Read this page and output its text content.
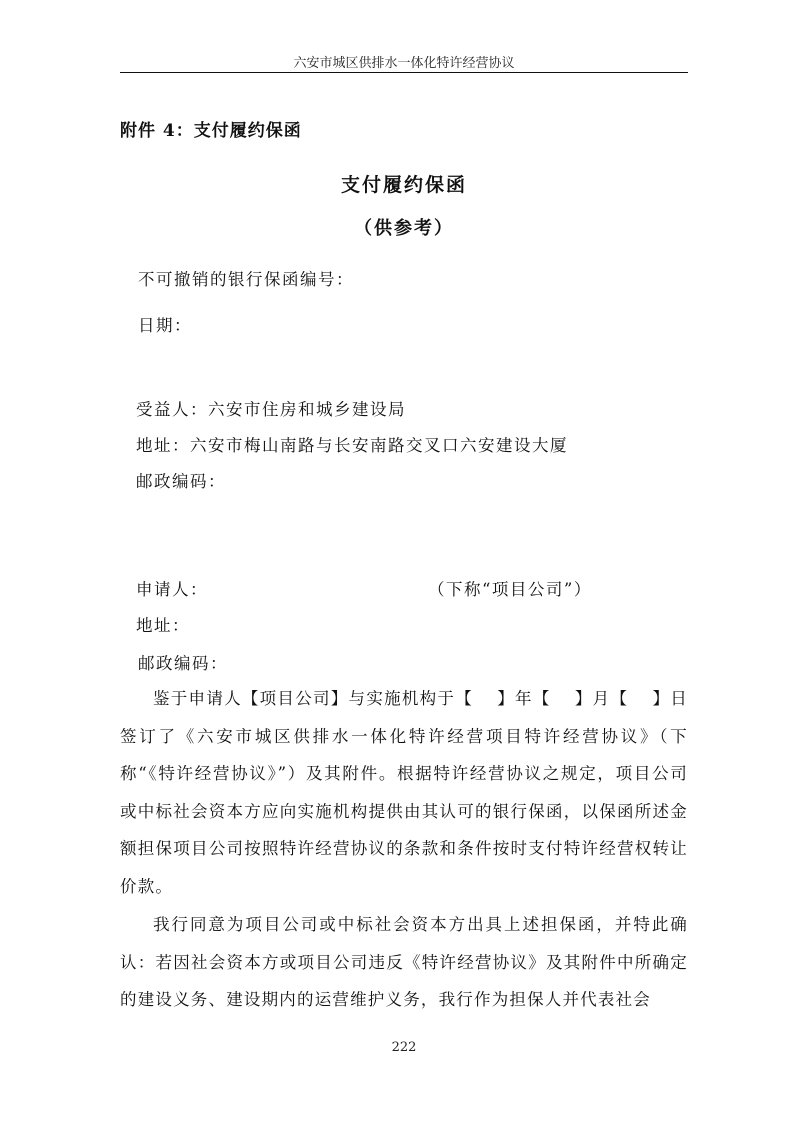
六安市城区供排水一体化特许经营协议
附件 4：支付履约保函
支付履约保函
（供参考）
不可撤销的银行保函编号：
日期：
受益人：六安市住房和城乡建设局
地址：六安市梅山南路与长安南路交叉口六安建设大厦
邮政编码：
申请人：	（下称“项目公司”）
地址：
邮政编码：
鉴于申请人【项目公司】与实施机构于【　 】年【　 】月【　 】日签订了《六安市城区供排水一体化特许经营项目特许经营协议》（下称“《特许经营协议》”）及其附件。根据特许经营协议之规定，项目公司或中标社会资本方应向实施机构提供由其认可的银行保函，以保函所述金额担保项目公司按照特许经营协议的条款和条件按时支付特许经营权转让价款。
我行同意为项目公司或中标社会资本方出具上述担保函，并特此确认：若因社会资本方或项目公司违反《特许经营协议》及其附件中所确定的建设义务、建设期内的运营维护义务，我行作为担保人并代表社会
222
